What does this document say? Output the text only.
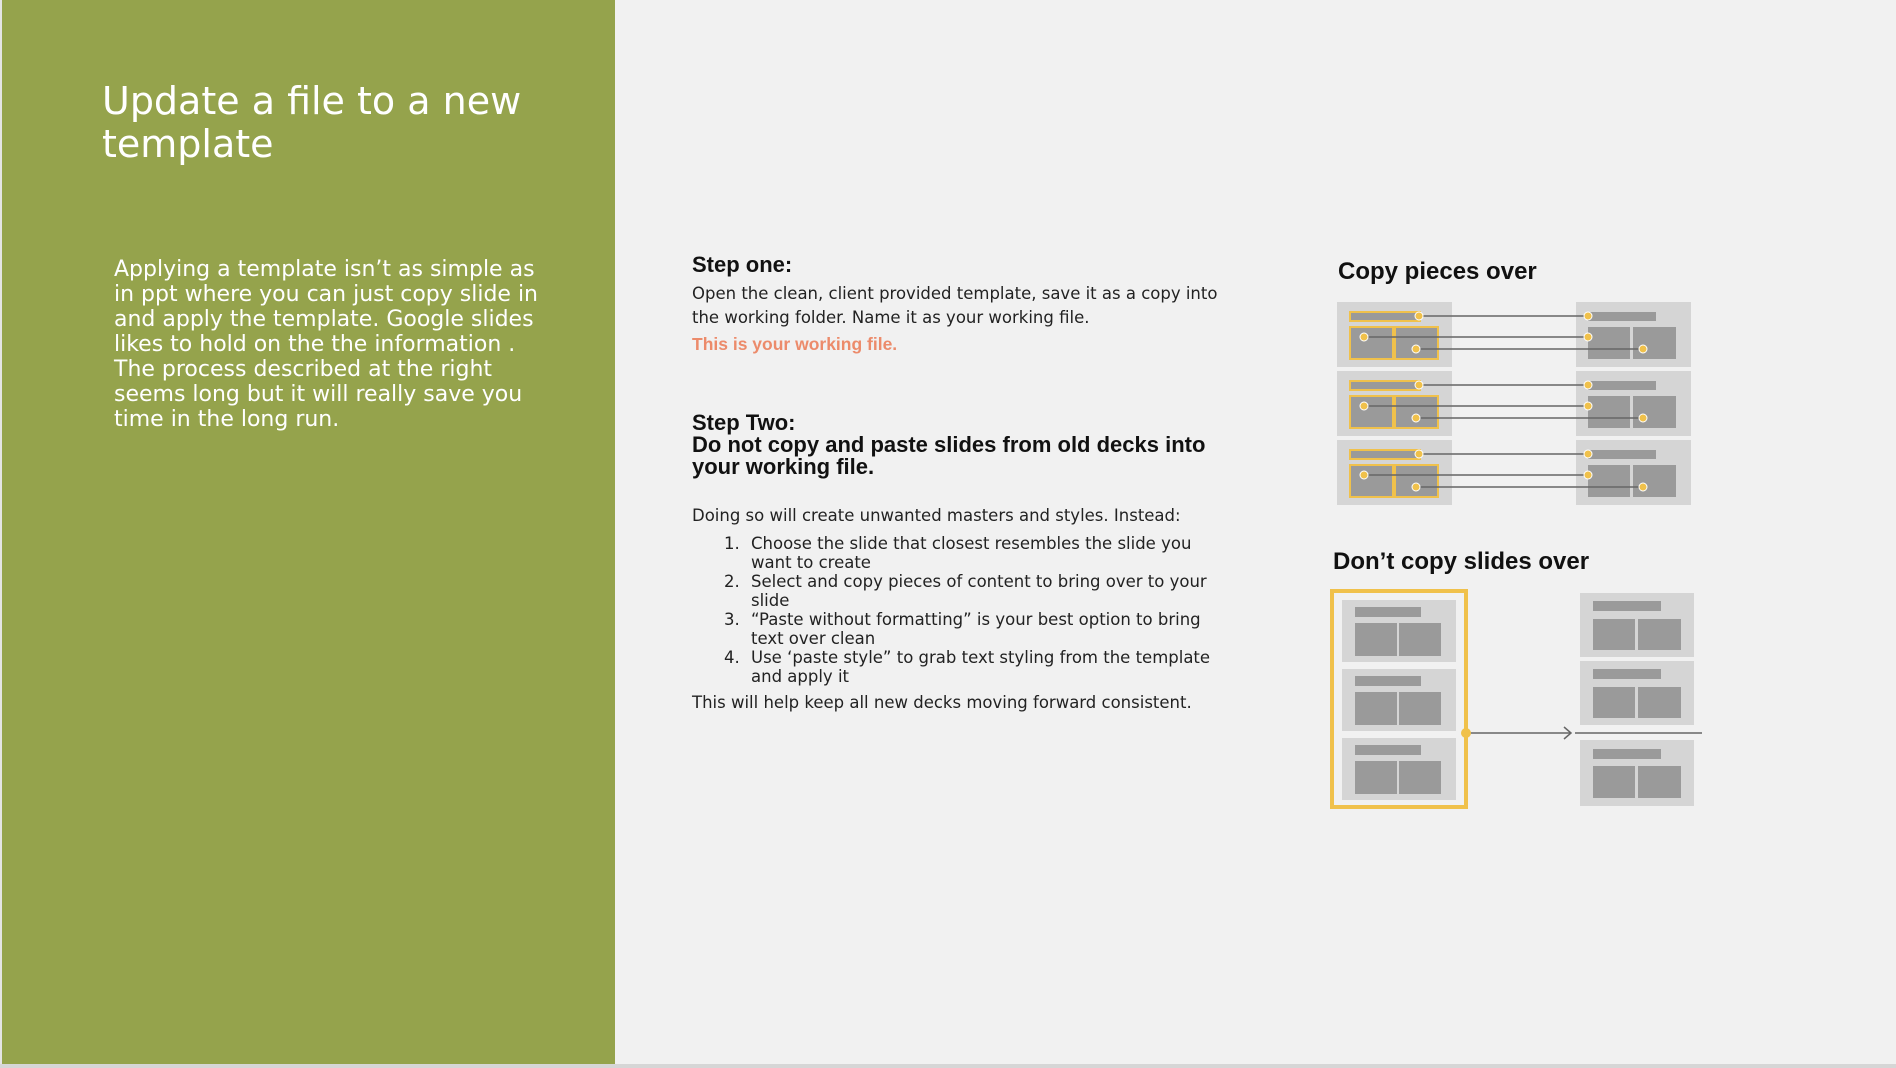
Update a file to a new template
Applying a template isn’t as simple as in ppt where you can just copy slide in and apply the template. Google slides likes to hold on the the information . The process described at the right seems long but it will really save you time in the long run.

Step one:

Open the clean, client provided template, save it as a copy into the working folder. Name it as your working file.

This is your working file.

Step Two:

Do not copy and paste slides from old decks into your working file.

Doing so will create unwanted masters and styles. Instead:

1. Choose the slide that closest resembles the slide you want to create
2. Select and copy pieces of content to bring over to your slide
3. “Paste without formatting” is your best option to bring text over clean
4. Use ‘paste style” to grab text styling from the template and apply it

This will help keep all new decks moving forward consistent.

Copy pieces over
Don’t copy slides over
